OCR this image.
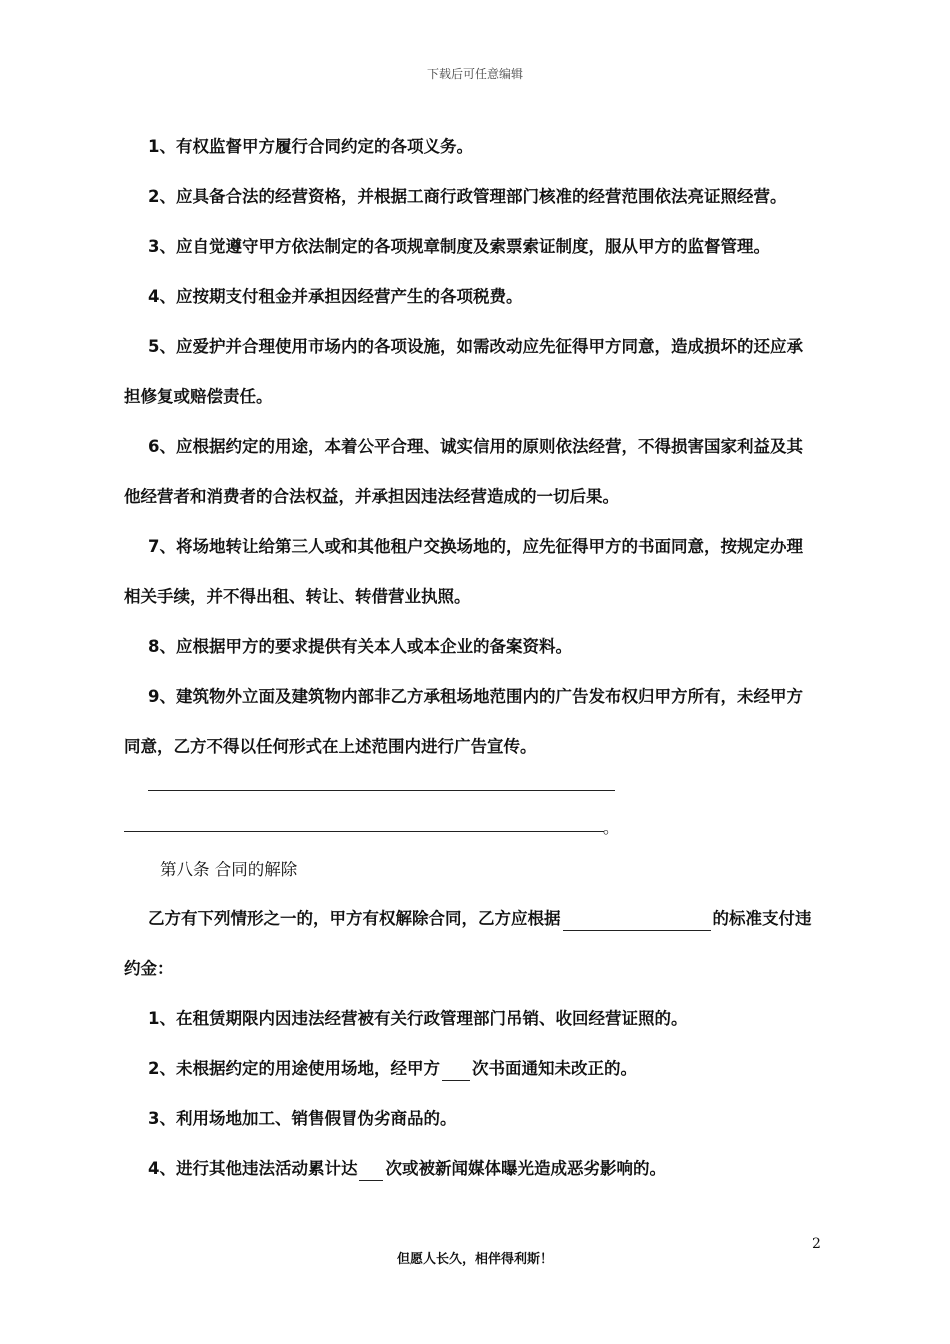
下载后可任意编辑
1、有权监督甲方履行合同约定的各项义务。
2、应具备合法的经营资格，并根据工商行政管理部门核准的经营范围依法亮证照经营。
3、应自觉遵守甲方依法制定的各项规章制度及索票索证制度，服从甲方的监督管理。
4、应按期支付租金并承担因经营产生的各项税费。
5、应爱护并合理使用市场内的各项设施，如需改动应先征得甲方同意，造成损坏的还应承
担修复或赔偿责任。
6、应根据约定的用途，本着公平合理、诚实信用的原则依法经营，不得损害国家利益及其
他经营者和消费者的合法权益，并承担因违法经营造成的一切后果。
7、将场地转让给第三人或和其他租户交换场地的，应先征得甲方的书面同意，按规定办理
相关手续，并不得出租、转让、转借营业执照。
8、应根据甲方的要求提供有关本人或本企业的备案资料。
9、建筑物外立面及建筑物内部非乙方承租场地范围内的广告发布权归甲方所有，未经甲方
同意，乙方不得以任何形式在上述范围内进行广告宣传。
。
第八条 合同的解除
乙方有下列情形之一的，甲方有权解除合同，乙方应根据	的标准支付违
约金：
1、在租赁期限内因违法经营被有关行政管理部门吊销、收回经营证照的。
2、未根据约定的用途使用场地，经甲方 次书面通知未改正的。
3、利用场地加工、销售假冒伪劣商品的。
4、进行其他违法活动累计达 次或被新闻媒体曝光造成恶劣影响的。
2
但愿人长久，相伴得利斯！
